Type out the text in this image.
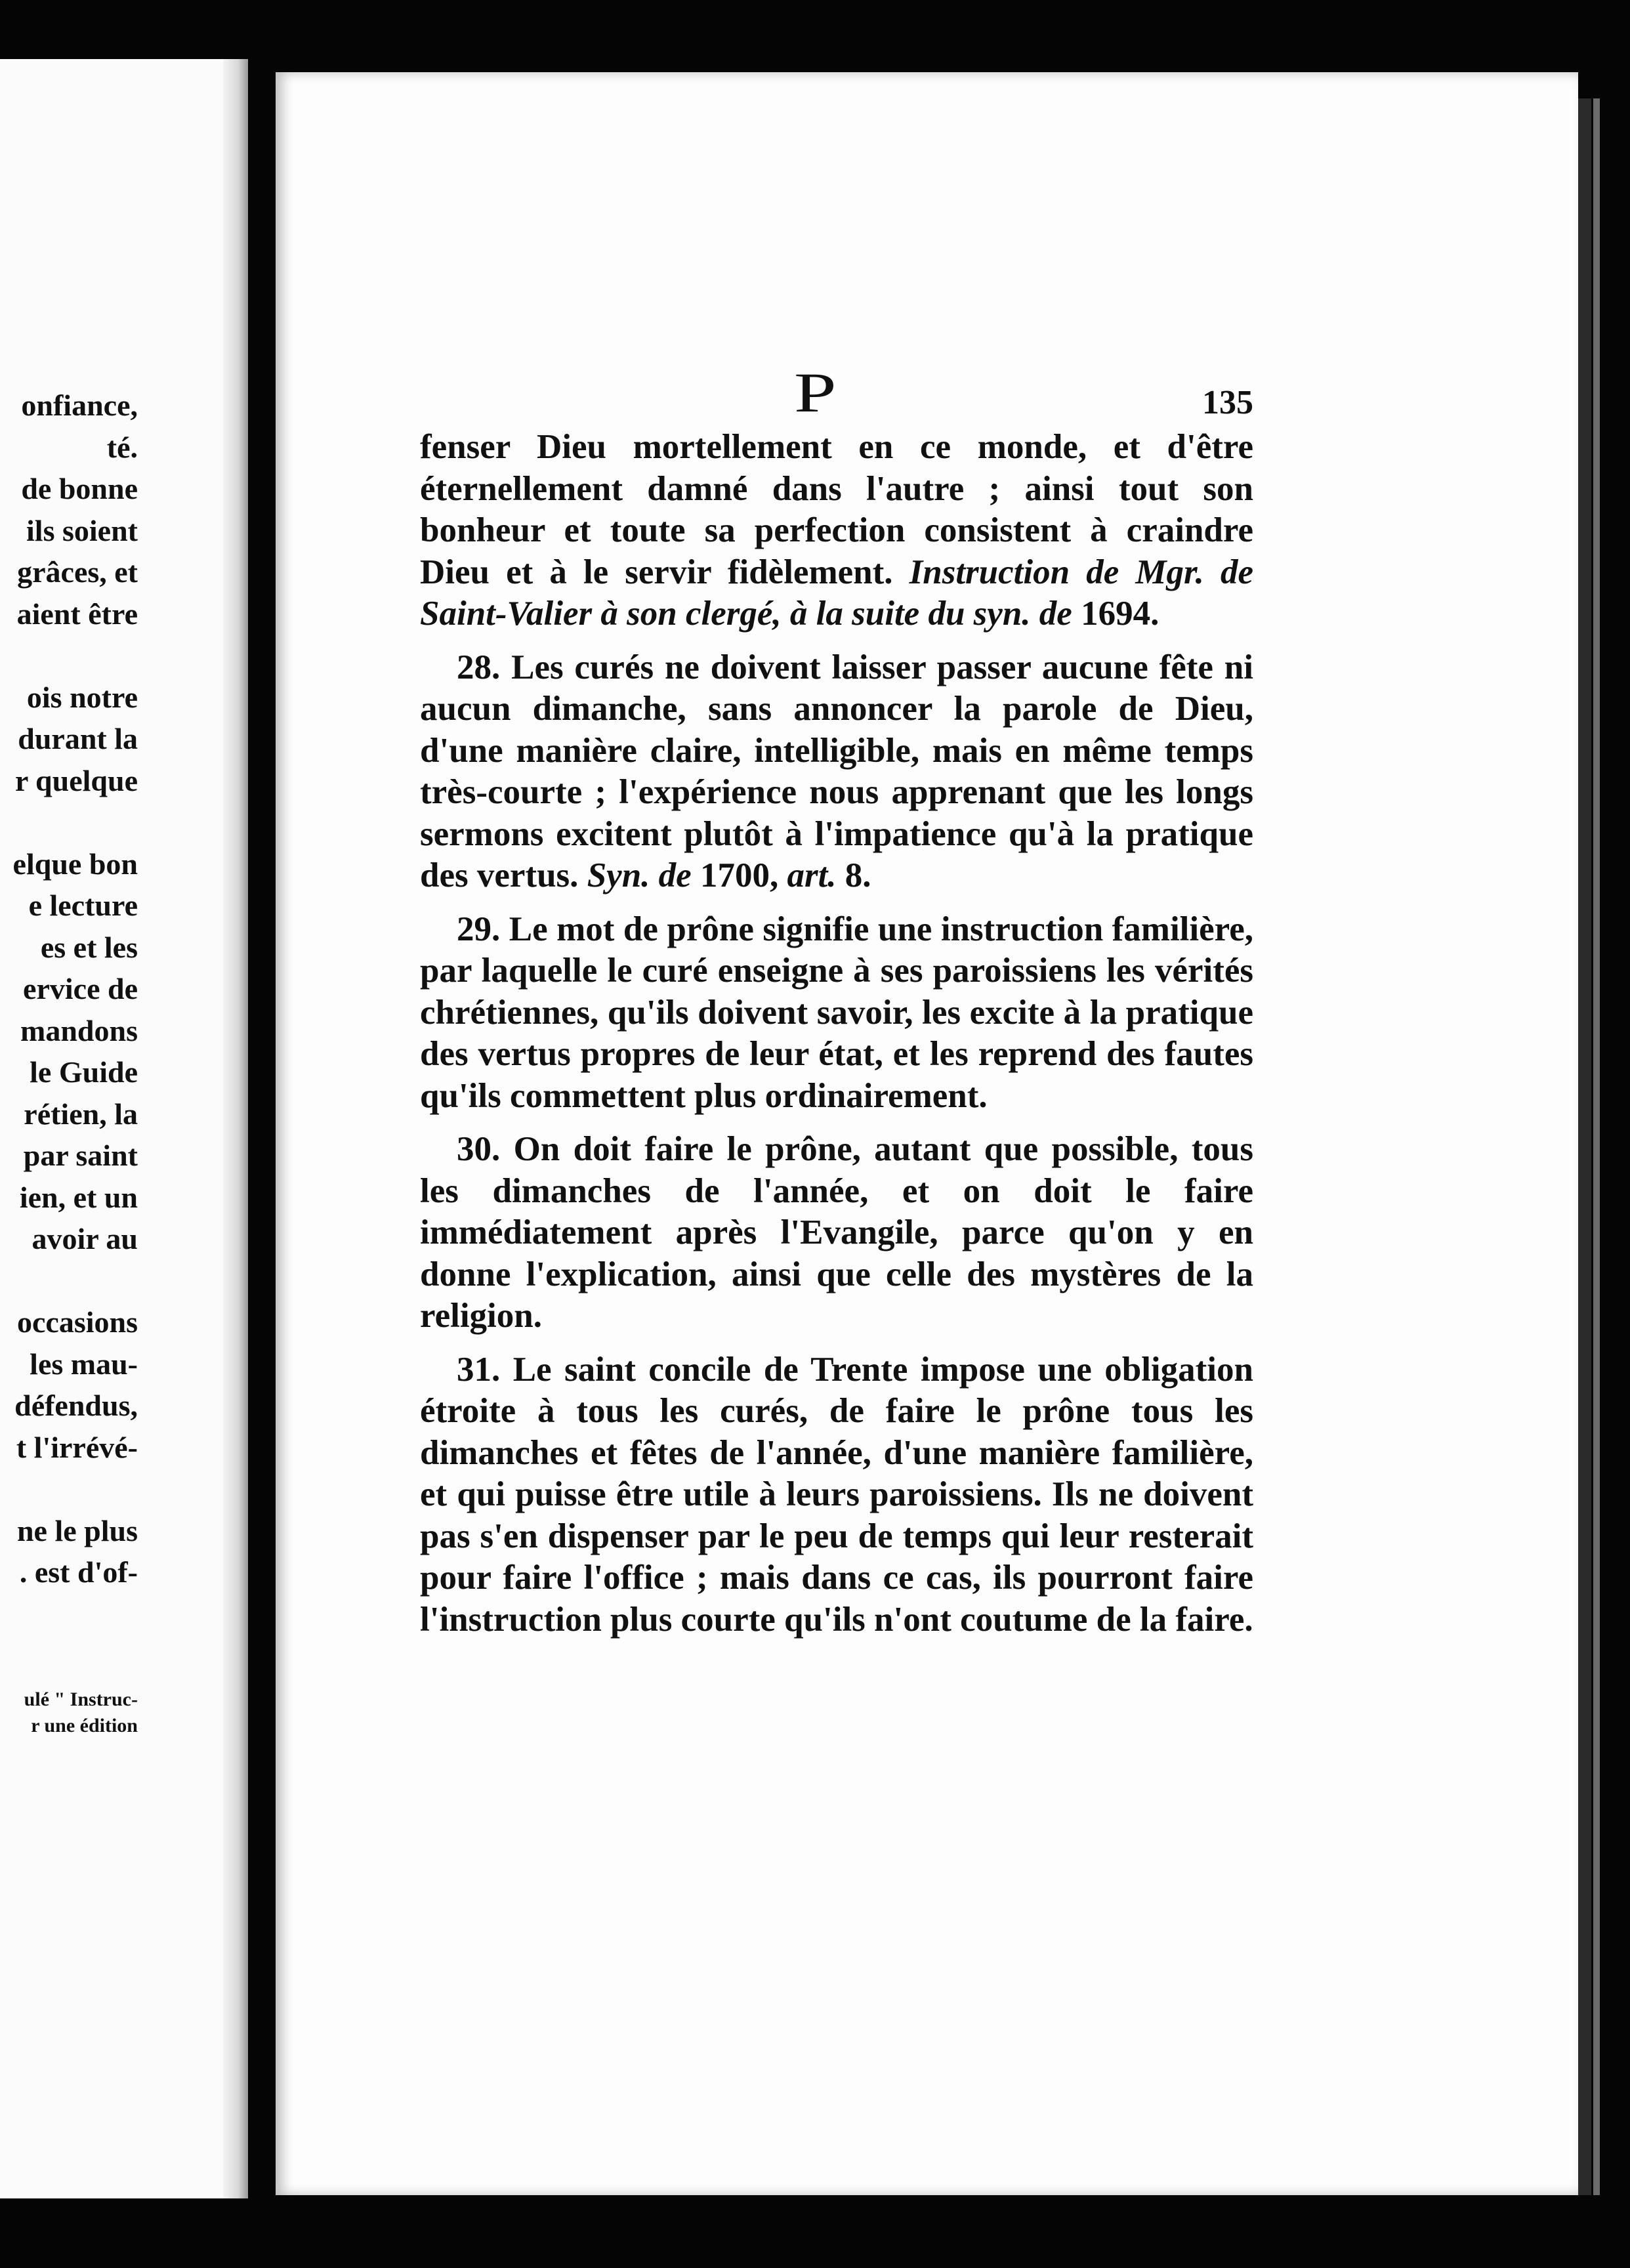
onfiance,
té.
de bonne
ils soient
grâces, et
aient être
ois notre
durant la
r quelque
elque bon
e lecture
es et les
ervice de
mandons
le Guide
rétien, la
par saint
ien, et un
avoir au
occasions
les mau-
défendus,
t l'irrévé-
ne le plus
. est d'of-
ulé " Instruc-
r une édition
P	135

fenser Dieu mortellement en ce monde, et d'être éternellement damné dans l'autre ; ainsi tout son bonheur et toute sa perfection consistent à craindre Dieu et à le servir fidèlement. Instruction de Mgr. de Saint-Valier à son clergé, à la suite du syn. de 1694.

28. Les curés ne doivent laisser passer aucune fête ni aucun dimanche, sans annoncer la parole de Dieu, d'une manière claire, intelligible, mais en même temps très-courte ; l'expérience nous apprenant que les longs sermons excitent plutôt à l'impatience qu'à la pratique des vertus. Syn. de 1700, art. 8.

29. Le mot de prône signifie une instruction familière, par laquelle le curé enseigne à ses paroissiens les vérités chrétiennes, qu'ils doivent savoir, les excite à la pratique des vertus propres de leur état, et les reprend des fautes qu'ils commettent plus ordinairement.

30. On doit faire le prône, autant que possible, tous les dimanches de l'année, et on doit le faire immédiatement après l'Evangile, parce qu'on y en donne l'explication, ainsi que celle des mystères de la religion.

31. Le saint concile de Trente impose une obligation étroite à tous les curés, de faire le prône tous les dimanches et fêtes de l'année, d'une manière familière, et qui puisse être utile à leurs paroissiens. Ils ne doivent pas s'en dispenser par le peu de temps qui leur resterait pour faire l'office ; mais dans ce cas, ils pourront faire l'instruction plus courte qu'ils n'ont coutume de la faire.
